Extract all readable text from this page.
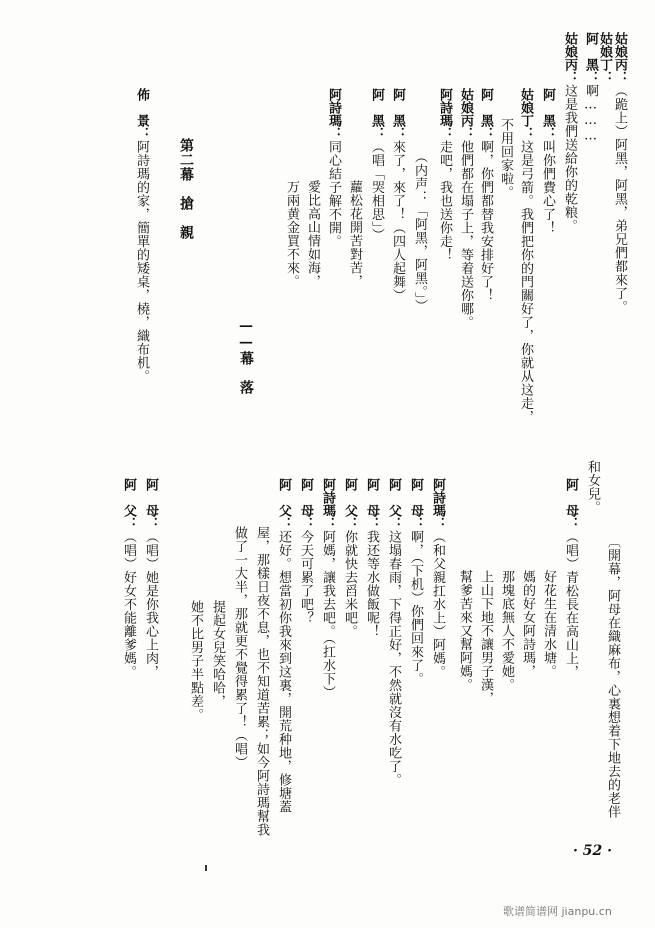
姑娘丙：（跪上）阿黑，阿黑，弟兄們都來了。
姑娘丁：
阿　黑：啊………
姑娘丙：这是我們送給你的乾粮。
阿　黑：叫你們費心了！
姑娘丁：这是弓箭。我們把你的門關好了，你就从这走，
不用回家啦。
阿　黑：啊，你們都替我安排好了！
姑娘丙：他們都在塌子上，等着送你哪。
阿詩瑪：走吧，我也送你走！
（内声：「阿黑，阿黑。」）
阿　黑：來了，來了！（四人起舞）
阿　黑：（唱「哭相思」）
蘿松花開苦對苦，
阿詩瑪：同心結子解不開。
愛比高山情如海，
万兩黄金買不來。
——幕　落
第二幕　搶　親
佈　景：阿詩瑪的家，簡單的矮桌，橈，織布机。
〔開幕，阿母在織麻布，心裏想着下地去的老伴
和女兒。
阿　母：（唱）青松長在高山上，
好花生在清水塘。
媽的好女阿詩瑪，
那塊底無人不愛她。
上山下地不讓男子漢，
幫爹苦來又幫阿媽。
阿詩瑪：（和父親扛水上）阿媽。
阿　母：啊，（下机）你們回來了。
阿　父：这塌春雨，下得正好，不然就沒有水吃了。
阿　母：我还等水做飯呢！
阿　父：你就快去舀米吧。
阿詩瑪：阿媽，讓我去吧。（扛水下）
阿　母：今天可累了吧？
阿　父：还好。想當初你我來到这裏，開荒种地，修塘蓋
屋，那樣日夜不息，也不知道苦累；如今阿詩瑪幫我
做了一大半，那就更不覺得累了！（唱）
提起女兒笑哈哈，
她不比男子半點差。
阿　母：（唱）她是你我心上肉，
阿　父：（唱）好女不能離爹媽。
· 52 ·
歌谱简谱网 jianpu.cn
